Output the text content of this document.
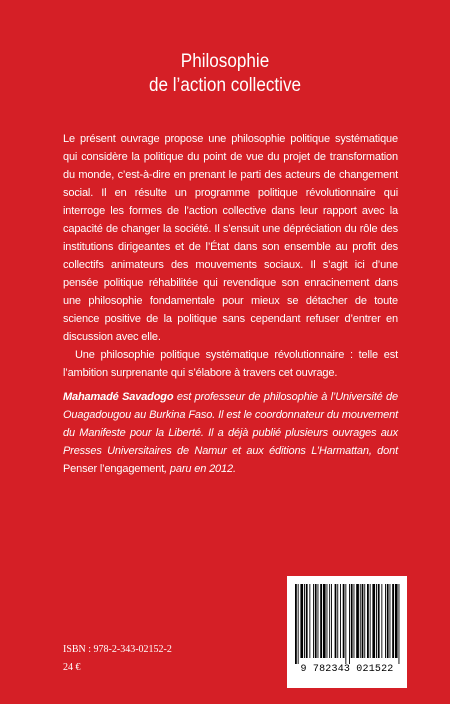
Philosophie
de l’action collective

Le présent ouvrage propose une philosophie politique systématique qui considère la politique du point de vue du projet de transformation du monde, c’est-à-dire en prenant le parti des acteurs de changement social. Il en résulte un programme politique révolutionnaire qui interroge les formes de l’action collective dans leur rapport avec la capacité de changer la société. Il s’ensuit une dépréciation du rôle des institutions dirigeantes et de l’État dans son ensemble au profit des collectifs animateurs des mouvements sociaux. Il s’agit ici d’une pensée politique réhabilitée qui revendique son enracinement dans une philosophie fondamentale pour mieux se détacher de toute science positive de la politique sans cependant refuser d’entrer en discussion avec elle.

Une philosophie politique systématique révolutionnaire : telle est l’ambition surprenante qui s’élabore à travers cet ouvrage.

Mahamadé Savadogo est professeur de philosophie à l’Université de Ouagadougou au Burkina Faso. Il est le coordonnateur du mouvement du Manifeste pour la Liberté. Il a déjà publié plusieurs ouvrages aux Presses Universitaires de Namur et aux éditions L’Harmattan, dont Penser l’engagement, paru en 2012.
ISBN : 978-2-343-02152-2
24 €	9 782343 021522
